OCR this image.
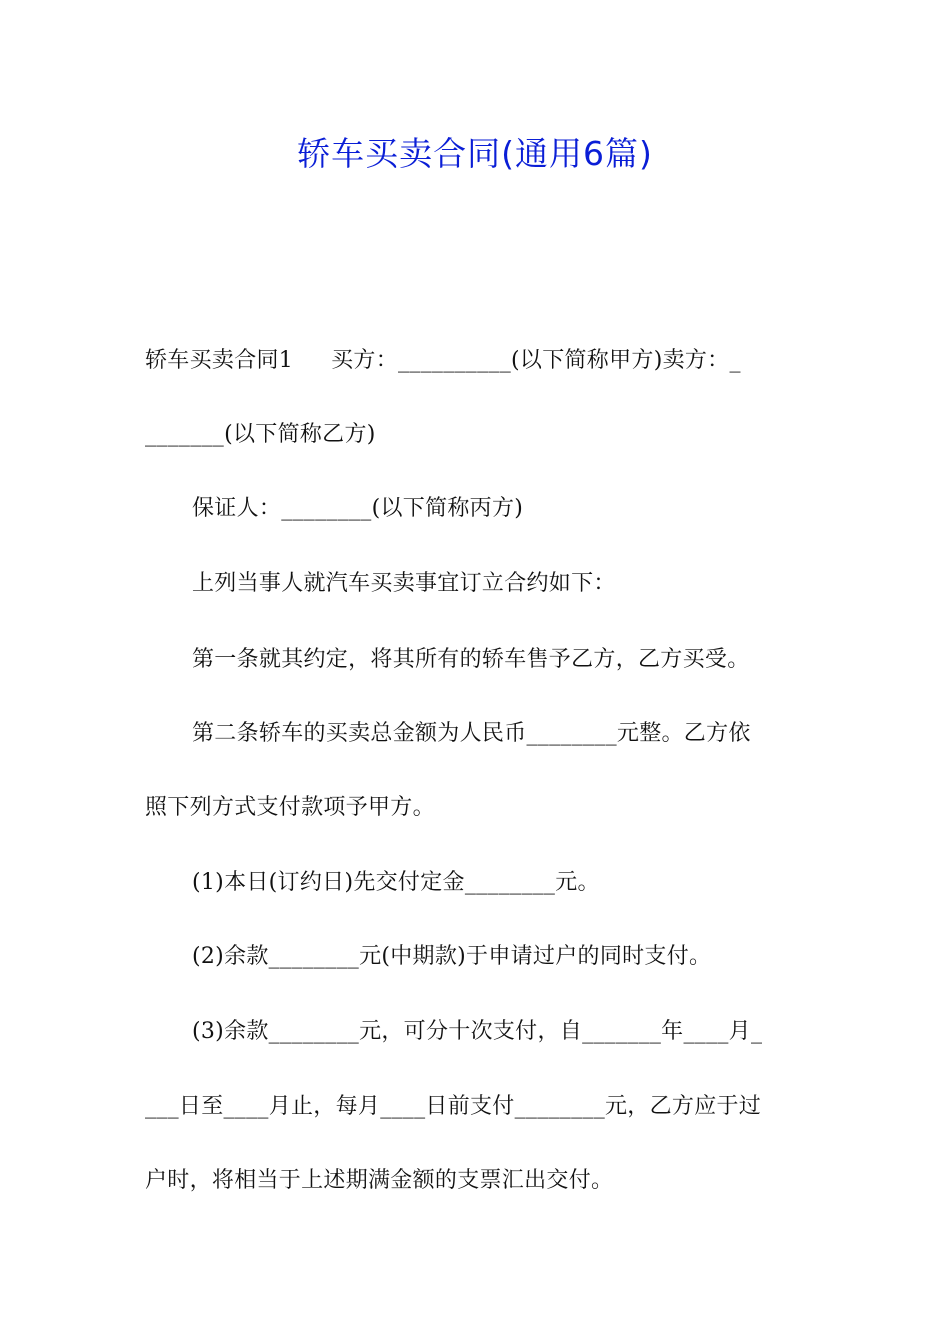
轿车买卖合同(通用6篇)
轿车买卖合同1 买方：__________(以下简称甲方)卖方：_
_______(以下简称乙方)
保证人：________(以下简称丙方)
上列当事人就汽车买卖事宜订立合约如下：
第一条就其约定，将其所有的轿车售予乙方，乙方买受。
第二条轿车的买卖总金额为人民币________元整。乙方依
照下列方式支付款项予甲方。
(1)本日(订约日)先交付定金________元。
(2)余款________元(中期款)于申请过户的同时支付。
(3)余款________元，可分十次支付，自_______年____月_
___日至____月止，每月____日前支付________元，乙方应于过
户时，将相当于上述期满金额的支票汇出交付。
